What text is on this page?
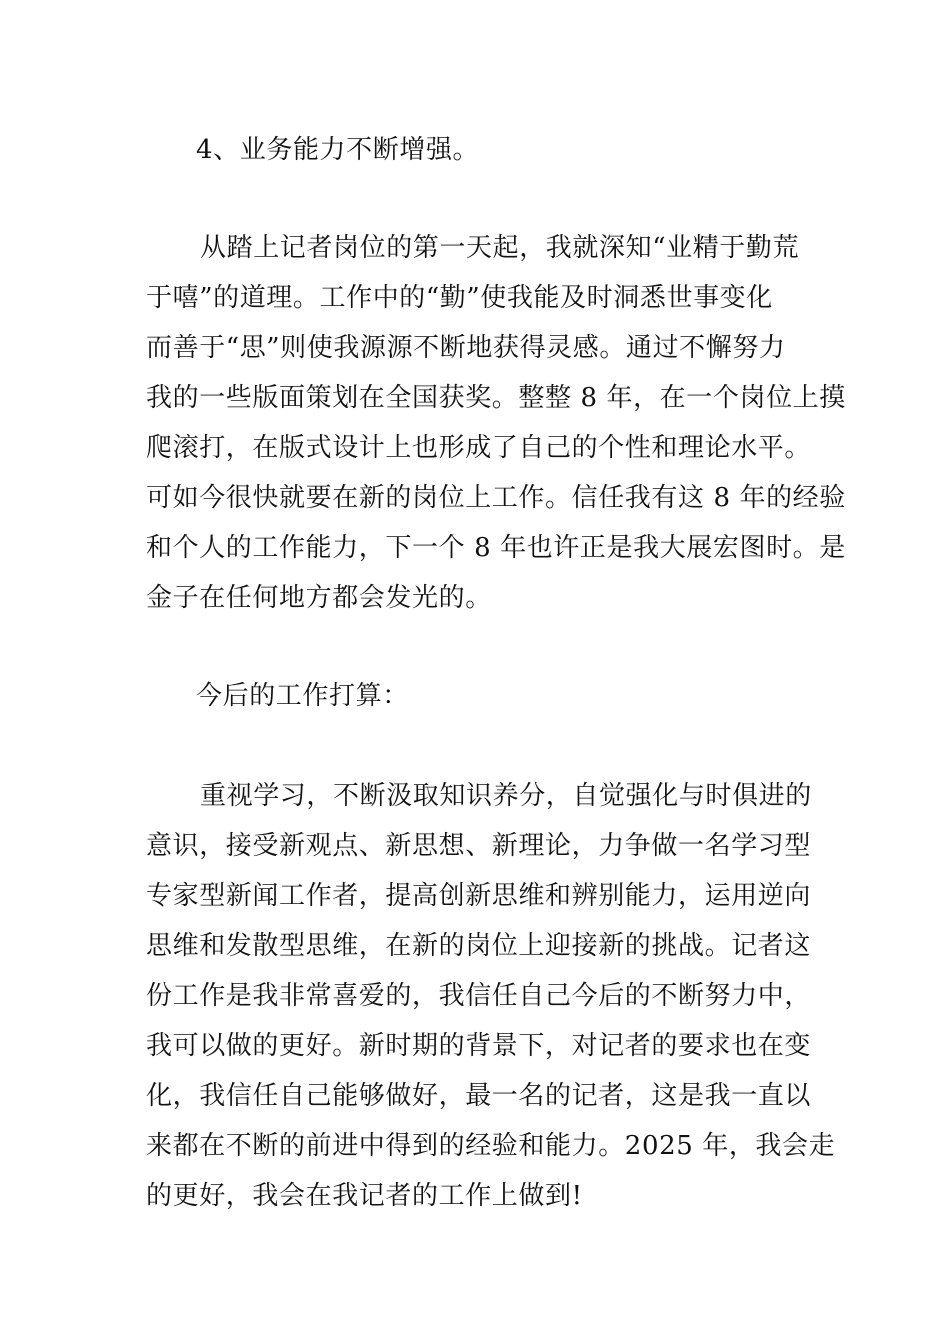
4、业务能力不断增强。
从踏上记者岗位的第一天起，我就深知“业精于勤荒
于嘻”的道理。工作中的“勤”使我能及时洞悉世事变化
而善于“思”则使我源源不断地获得灵感。通过不懈努力
我的一些版面策划在全国获奖。整整 8 年，在一个岗位上摸
爬滚打，在版式设计上也形成了自己的个性和理论水平。
可如今很快就要在新的岗位上工作。信任我有这 8 年的经验
和个人的工作能力，下一个 8 年也许正是我大展宏图时。是
金子在任何地方都会发光的。
今后的工作打算：
重视学习，不断汲取知识养分，自觉强化与时俱进的
意识，接受新观点、新思想、新理论，力争做一名学习型
专家型新闻工作者，提高创新思维和辨别能力，运用逆向
思维和发散型思维，在新的岗位上迎接新的挑战。记者这
份工作是我非常喜爱的，我信任自己今后的不断努力中，
我可以做的更好。新时期的背景下，对记者的要求也在变
化，我信任自己能够做好，最一名的记者，这是我一直以
来都在不断的前进中得到的经验和能力。2025 年，我会走
的更好，我会在我记者的工作上做到!
